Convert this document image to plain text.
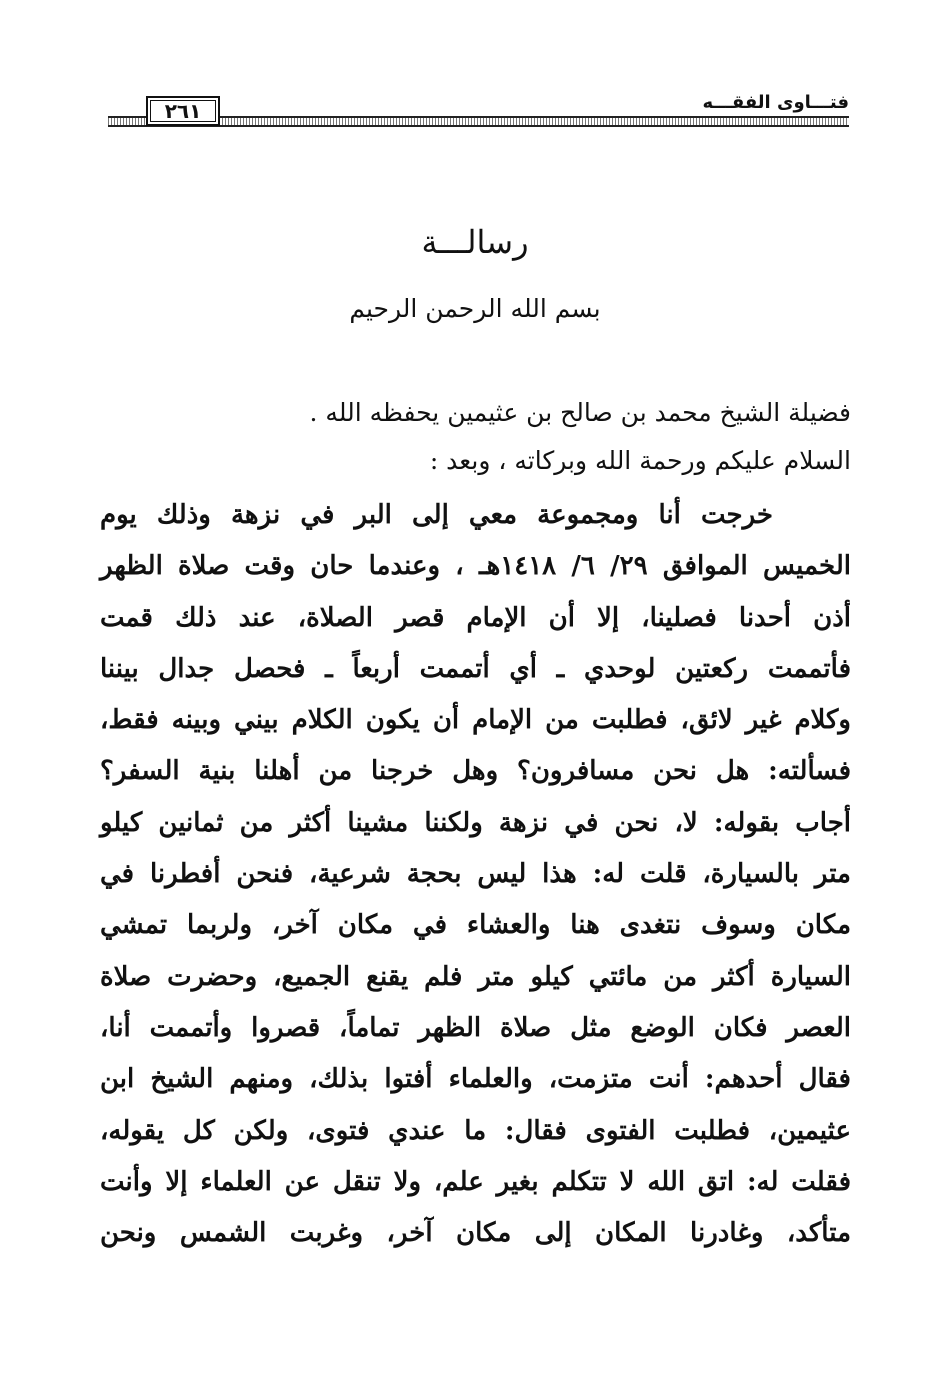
فتـــاوى الفقـــه
٢٦١
رسالـــة
بسم الله الرحمن الرحيم
فضيلة الشيخ محمد بن صالح بن عثيمين يحفظه الله .
السلام عليكم ورحمة الله وبركاته ، وبعد :
خرجت أنا ومجموعة معي إلى البر في نزهة وذلك يوم
الخميس الموافق ٢٩/ ٦/ ١٤١٨هـ ، وعندما حان وقت صلاة الظهر
أذن أحدنا فصلينا، إلا أن الإمام قصر الصلاة، عند ذلك قمت
فأتممت ركعتين لوحدي ـ أي أتممت أربعاً ـ فحصل جدال بيننا
وكلام غير لائق، فطلبت من الإمام أن يكون الكلام بيني وبينه فقط،
فسألته: هل نحن مسافرون؟ وهل خرجنا من أهلنا بنية السفر؟
أجاب بقوله: لا، نحن في نزهة ولكننا مشينا أكثر من ثمانين كيلو
متر بالسيارة، قلت له: هذا ليس بحجة شرعية، فنحن أفطرنا في
مكان وسوف نتغدى هنا والعشاء في مكان آخر، ولربما تمشي
السيارة أكثر من مائتي كيلو متر فلم يقنع الجميع، وحضرت صلاة
العصر فكان الوضع مثل صلاة الظهر تماماً، قصروا وأتممت أنا،
فقال أحدهم: أنت متزمت، والعلماء أفتوا بذلك، ومنهم الشيخ ابن
عثيمين، فطلبت الفتوى فقال: ما عندي فتوى، ولكن كل يقوله،
فقلت له: اتق الله لا تتكلم بغير علم، ولا تنقل عن العلماء إلا وأنت
متأكد، وغادرنا المكان إلى مكان آخر، وغربت الشمس ونحن
